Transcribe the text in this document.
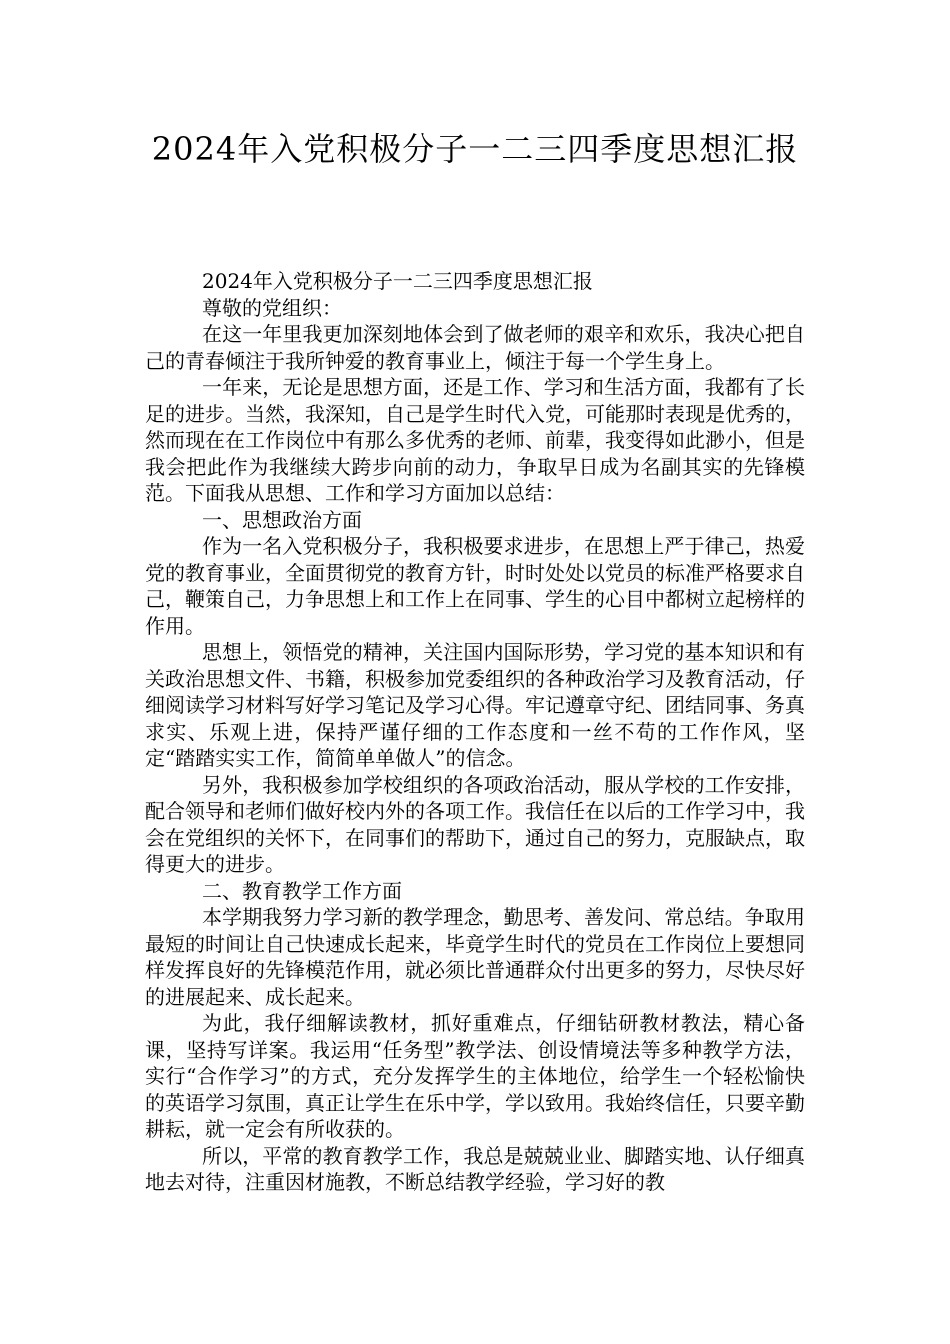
2024年入党积极分子一二三四季度思想汇报

2024年入党积极分子一二三四季度思想汇报

尊敬的党组织：

在这一年里我更加深刻地体会到了做老师的艰辛和欢乐，我决心把自己的青春倾注于我所钟爱的教育事业上，倾注于每一个学生身上。

一年来，无论是思想方面，还是工作、学习和生活方面，我都有了长足的进步。当然，我深知，自己是学生时代入党，可能那时表现是优秀的，然而现在在工作岗位中有那么多优秀的老师、前辈，我变得如此渺小，但是我会把此作为我继续大跨步向前的动力，争取早日成为名副其实的先锋模范。下面我从思想、工作和学习方面加以总结：

一、思想政治方面

作为一名入党积极分子，我积极要求进步，在思想上严于律己，热爱党的教育事业，全面贯彻党的教育方针，时时处处以党员的标准严格要求自己，鞭策自己，力争思想上和工作上在同事、学生的心目中都树立起榜样的作用。

思想上，领悟党的精神，关注国内国际形势，学习党的基本知识和有关政治思想文件、书籍，积极参加党委组织的各种政治学习及教育活动，仔细阅读学习材料写好学习笔记及学习心得。牢记遵章守纪、团结同事、务真求实、乐观上进，保持严谨仔细的工作态度和一丝不苟的工作作风，坚定“踏踏实实工作，简简单单做人”的信念。

另外，我积极参加学校组织的各项政治活动，服从学校的工作安排，配合领导和老师们做好校内外的各项工作。我信任在以后的工作学习中，我会在党组织的关怀下，在同事们的帮助下，通过自己的努力，克服缺点，取得更大的进步。

二、教育教学工作方面

本学期我努力学习新的教学理念，勤思考、善发问、常总结。争取用最短的时间让自己快速成长起来，毕竟学生时代的党员在工作岗位上要想同样发挥良好的先锋模范作用，就必须比普通群众付出更多的努力，尽快尽好的进展起来、成长起来。

为此，我仔细解读教材，抓好重难点，仔细钻研教材教法，精心备课，坚持写详案。我运用“任务型”教学法、创设情境法等多种教学方法，实行“合作学习”的方式，充分发挥学生的主体地位，给学生一个轻松愉快的英语学习氛围，真正让学生在乐中学，学以致用。我始终信任，只要辛勤耕耘，就一定会有所收获的。

所以，平常的教育教学工作，我总是兢兢业业、脚踏实地、认仔细真地去对待，注重因材施教，不断总结教学经验，学习好的教
